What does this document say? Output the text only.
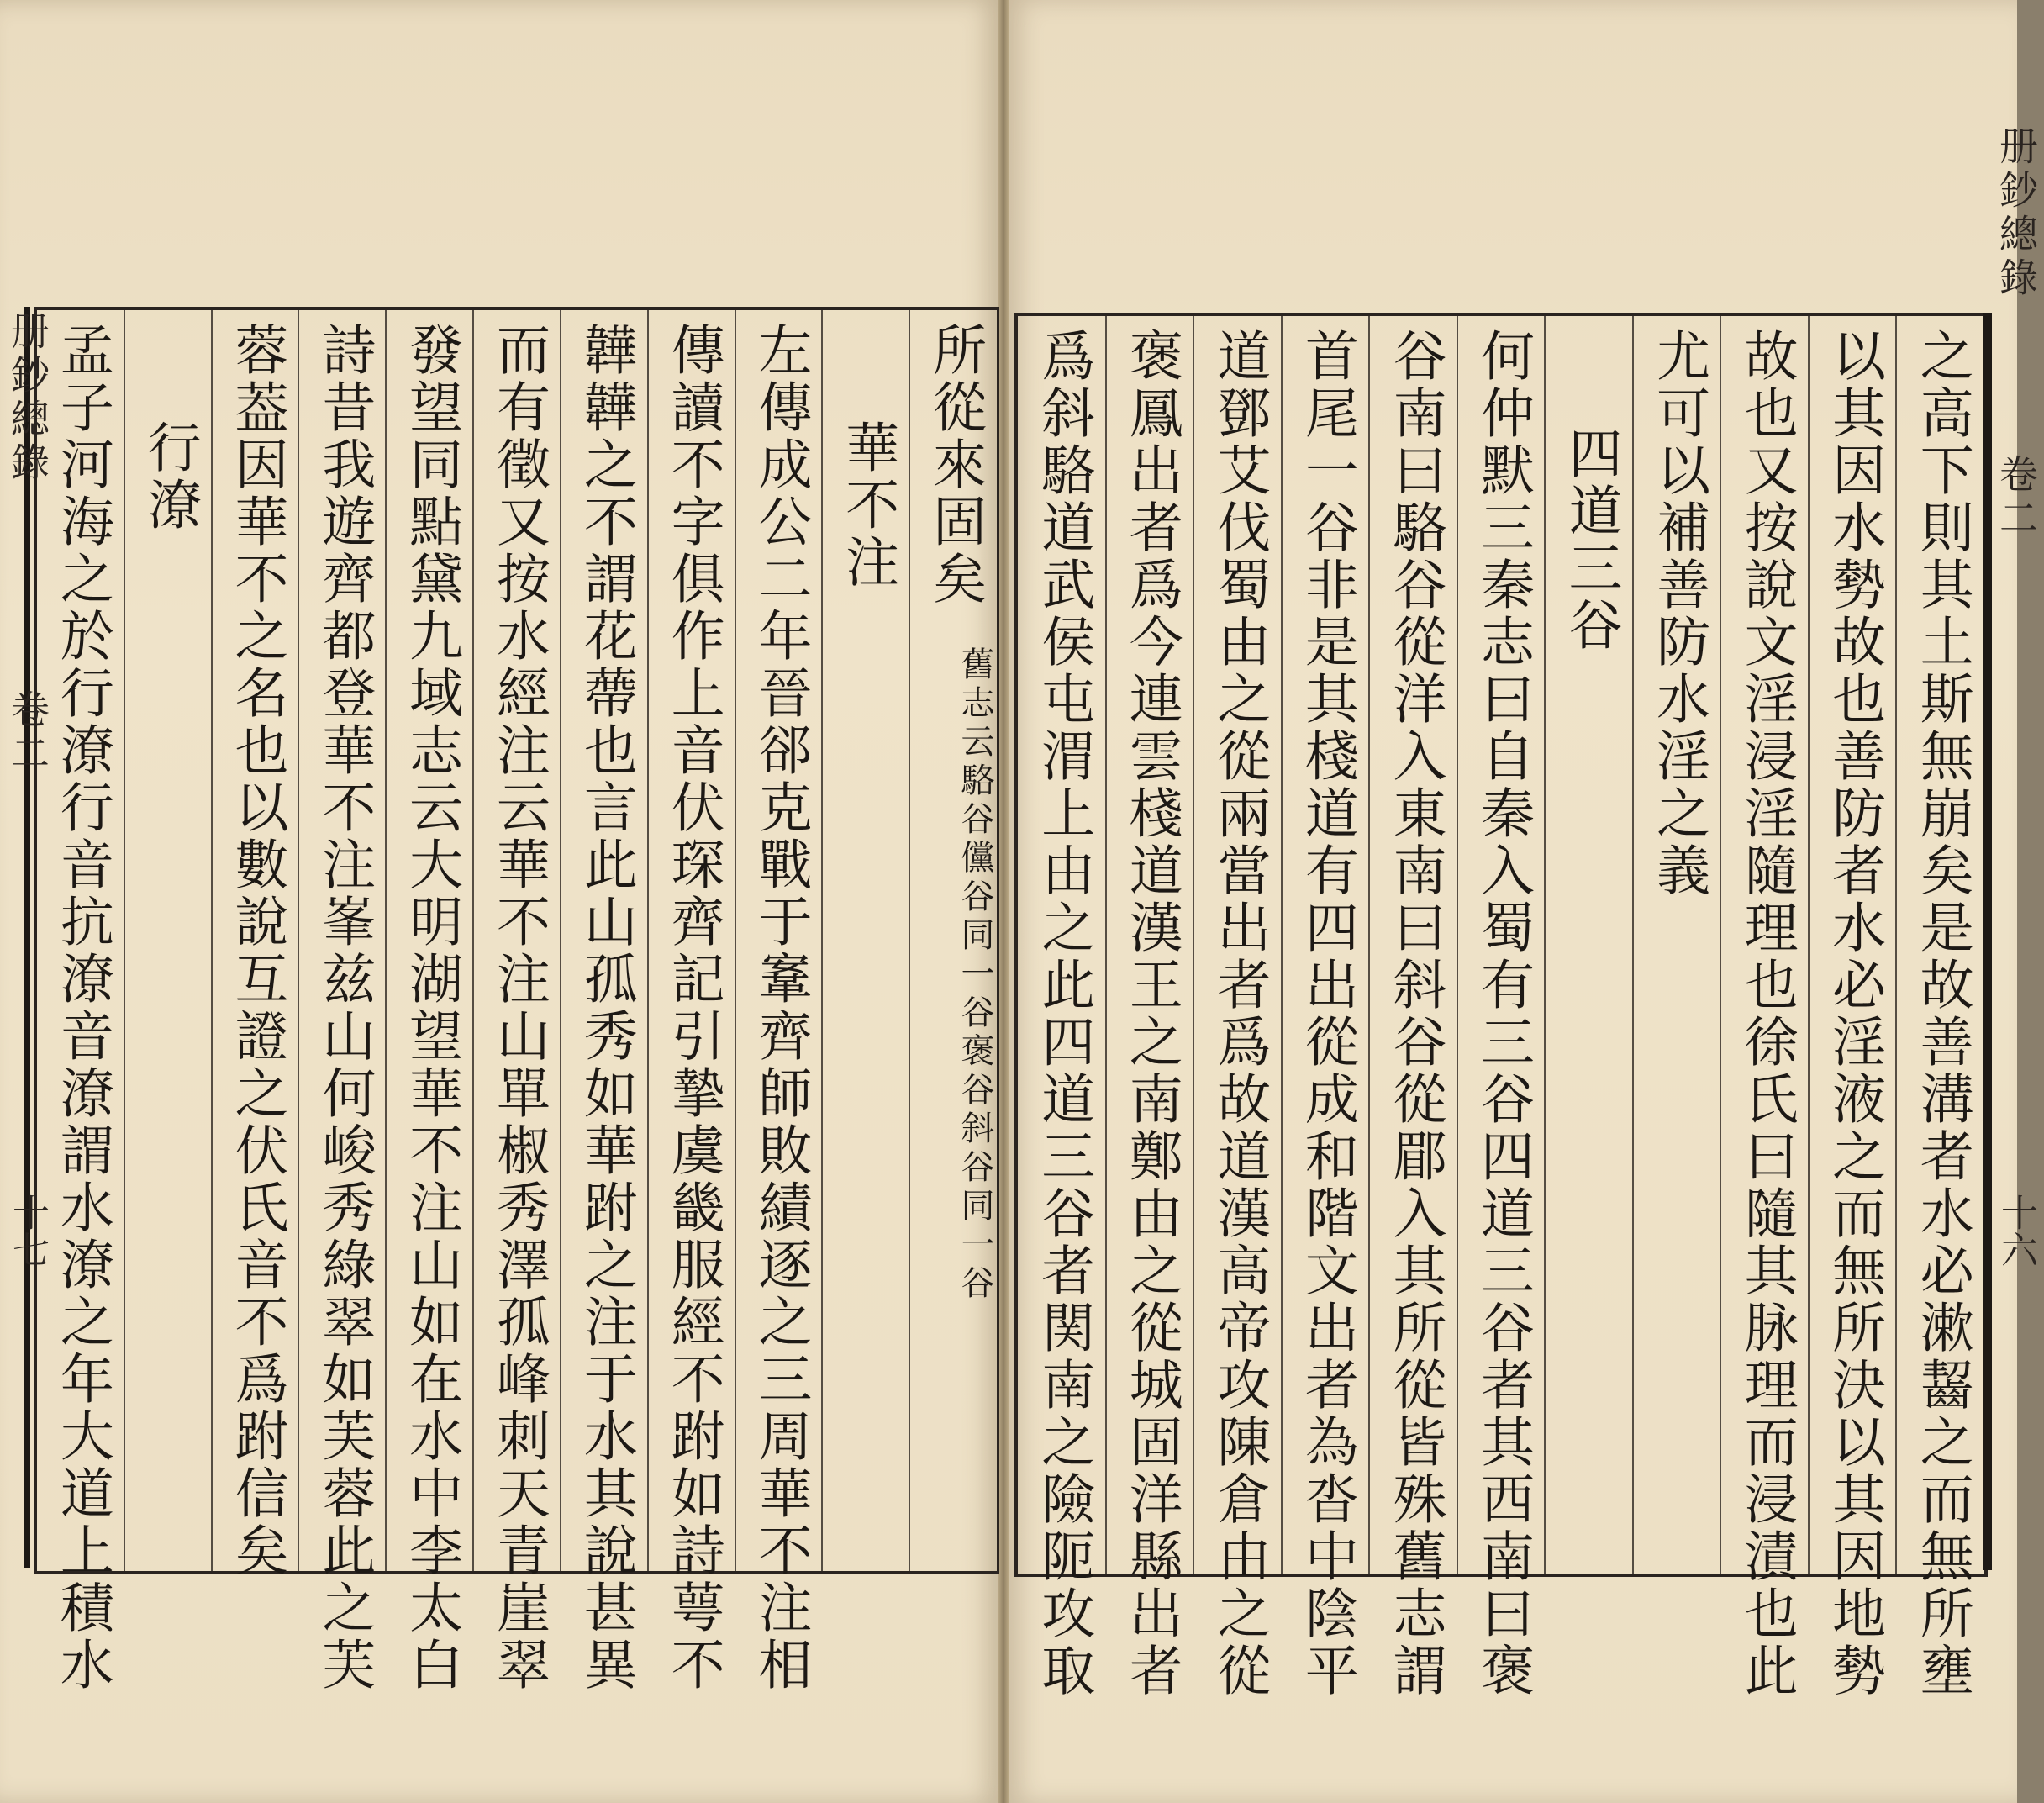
之高下則其土斯無崩矣是故善溝者水必漱齧之而無所壅
以其因水勢故也善防者水必淫液之而無所決以其因地勢
故也又按說文淫浸淫隨理也徐氏曰隨其脉理而浸漬也此
尤可以補善防水淫之義
四道三谷
何仲默三秦志曰自秦入蜀有三谷四道三谷者其西南曰褒
谷南曰駱谷從洋入東南曰斜谷從郿入其所從皆殊舊志謂
首尾一谷非是其棧道有四出從成和階文出者為沓中陰平
道鄧艾伐蜀由之從兩當出者爲故道漢高帝攻陳倉由之從
褒鳳出者爲今連雲棧道漢王之南鄭由之從城固洋縣出者
爲斜駱道武侯屯渭上由之此四道三谷者関南之險阨攻取
册鈔總錄
卷二
十六
所從來固矣
舊志云駱谷儻谷同一谷褒谷斜谷同一谷
華不注
左傳成公二年晉郤克戰于鞌齊師敗績逐之三周華不注相
傳讀不字俱作上音伏琛齊記引摯虞畿服經不跗如詩萼不
韡韡之不謂花蔕也言此山孤秀如華跗之注于水其說甚異
而有徵又按水經注云華不注山單椒秀澤孤峰刺天青崖翠
發望同點黛九域志云大明湖望華不注山如在水中李太白
詩昔我遊齊都登華不注峯兹山何峻秀綠翠如芙蓉此之芙
蓉葢因華不之名也以數說互證之伏氏音不爲跗信矣
行潦
孟子河海之於行潦行音抗潦音潦謂水潦之年大道上積水
册鈔總錄
卷二
十七
